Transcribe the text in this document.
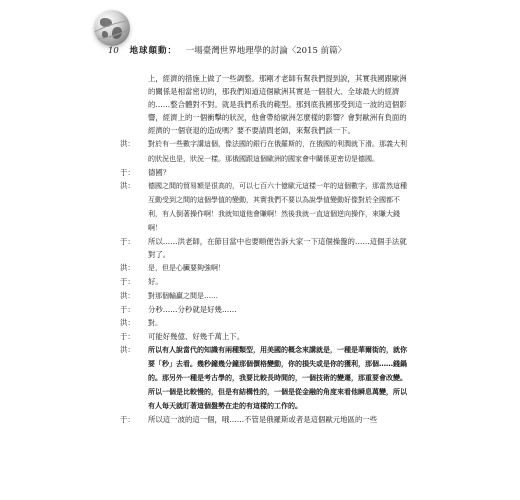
10 地球顛動： 一場臺灣世界地理學的討論〈2015 前篇〉
上，經濟的措施上做了一些調整。那剛才老師有幫我們提到說，其實我國跟歐洲的關係是相當密切的，那我們知道這個歐洲其實是一個很大、全球最大的經濟的……整合體對不對。就是我們系我的範型。那到底我國那受到這一波的這個影響，經濟上的一個衝擊的狀況，他會帶給歐洲怎麼樣的影響？會對歐洲有負面的經濟的一個衰退的造成嗎？要不要請問老師，來幫我們談一下。
洪：	對於有一些數字講這個，像法國的銀行在俄羅斯的，在俄國的利潤就下滑。那義大利的狀況也是，狀況一樣。那俄國跟這個歐洲的國家會中關係更密切是德國。
于：	德國？
洪：	德國之間的貿易額是很高的，可以七百六十億歐元這樣一年的這個數字，那當然這種互動受到之間的這個學值的變動，其實我們不要以為說學值變動好像對於全國都不利，有人倒著操作啊！我就知道他會賺啊！然後我就一直這個逆向操作，來賺大錢啊！
于：	所以……洪老師，在節目當中也要順便告訴大家一下這個操盤的……這個手法就對了。
洪：	是，但是心臟要夠強啊！
于：	好。
洪：	對那個輸贏之間是……
于：	分秒……分秒就是好幾……
洪：	對。
于：	可能好幾億、好幾千萬上下。
洪：	所以有人說當代的知識有兩種類型，用美國的概念來講就是，一種是華爾街的，就你要「秒」去看。幾秒鐘幾分鐘那個價格變動，你的損失或是你的獲利，那個……錢鍋的。那另外一種是考古學的，我要比較長時間的，一個技術的變遷，那重要會改變。所以一個是比較慢的，但是有結構性的，一個是從金融的角度來看他瞬息萬變，所以有人每天就盯著這個盤勢在走的有這樣的工作的。
于：	所以這一波的這一個，哦……不管是俄羅斯或者是這個歐元地區的一些
